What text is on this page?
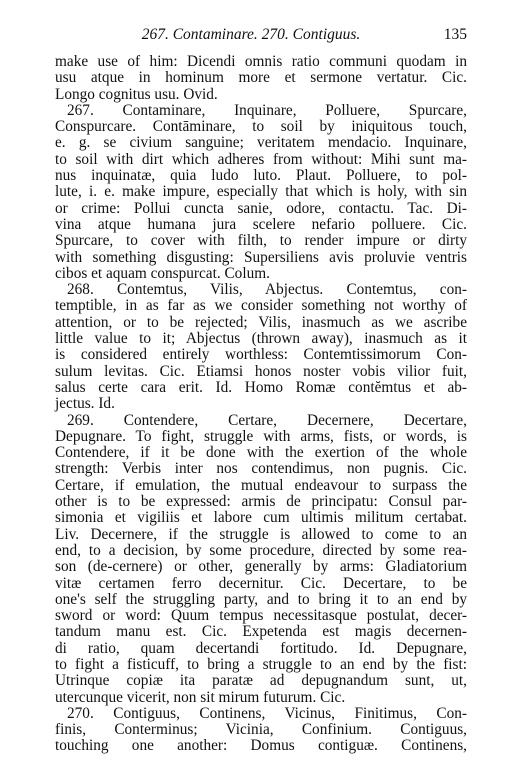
267. Contaminare. 270. Contiguus.	135
make use of him: Dicendi omnis ratio communi quodam in
usu atque in hominum more et sermone vertatur. Cic.
Longo cognitus usu. Ovid.
267. Contaminare, Inquinare, Polluere, Spurcare,
Conspurcare. Contāminare, to soil by iniquitous touch,
e. g. se civium sanguine; veritatem mendacio. Inquinare,
to soil with dirt which adheres from without: Mihi sunt ma-
nus inquinatæ, quia ludo luto. Plaut. Polluere, to pol-
lute, i. e. make impure, especially that which is holy, with sin
or crime: Pollui cuncta sanie, odore, contactu. Tac. Di-
vina atque humana jura scelere nefario polluere. Cic.
Spurcare, to cover with filth, to render impure or dirty
with something disgusting: Supersiliens avis proluvie ventris
cibos et aquam conspurcat. Colum.
268. Contemtus, Vilis, Abjectus. Contemtus, con-
temptible, in as far as we consider something not worthy of
attention, or to be rejected; Vilis, inasmuch as we ascribe
little value to it; Abjectus (thrown away), inasmuch as it
is considered entirely worthless: Contemtissimorum Con-
sulum levitas. Cic. Etiamsi honos noster vobis vilior fuit,
salus certe cara erit. Id. Homo Romæ contĕmtus et ab-
jectus. Id.
269. Contendere, Certare, Decernere, Decertare,
Depugnare. To fight, struggle with arms, fists, or words, is
Contendere, if it be done with the exertion of the whole
strength: Verbis inter nos contendimus, non pugnis. Cic.
Certare, if emulation, the mutual endeavour to surpass the
other is to be expressed: armis de principatu: Consul par-
simonia et vigiliis et labore cum ultimis militum certabat.
Liv. Decernere, if the struggle is allowed to come to an
end, to a decision, by some procedure, directed by some rea-
son (de-cernere) or other, generally by arms: Gladiatorium
vitæ certamen ferro decernitur. Cic. Decertare, to be
one's self the struggling party, and to bring it to an end by
sword or word: Quum tempus necessitasque postulat, decer-
tandum manu est. Cic. Expetenda est magis decernen-
di ratio, quam decertandi fortitudo. Id. Depugnare,
to fight a fisticuff, to bring a struggle to an end by the fist:
Utrinque copiæ ita paratæ ad depugnandum sunt, ut,
utercunque vicerit, non sit mirum futurum. Cic.
270. Contiguus, Continens, Vicinus, Finitimus, Con-
finis, Conterminus; Vicinia, Confinium. Contiguus,
touching one another: Domus contiguæ. Continens,
